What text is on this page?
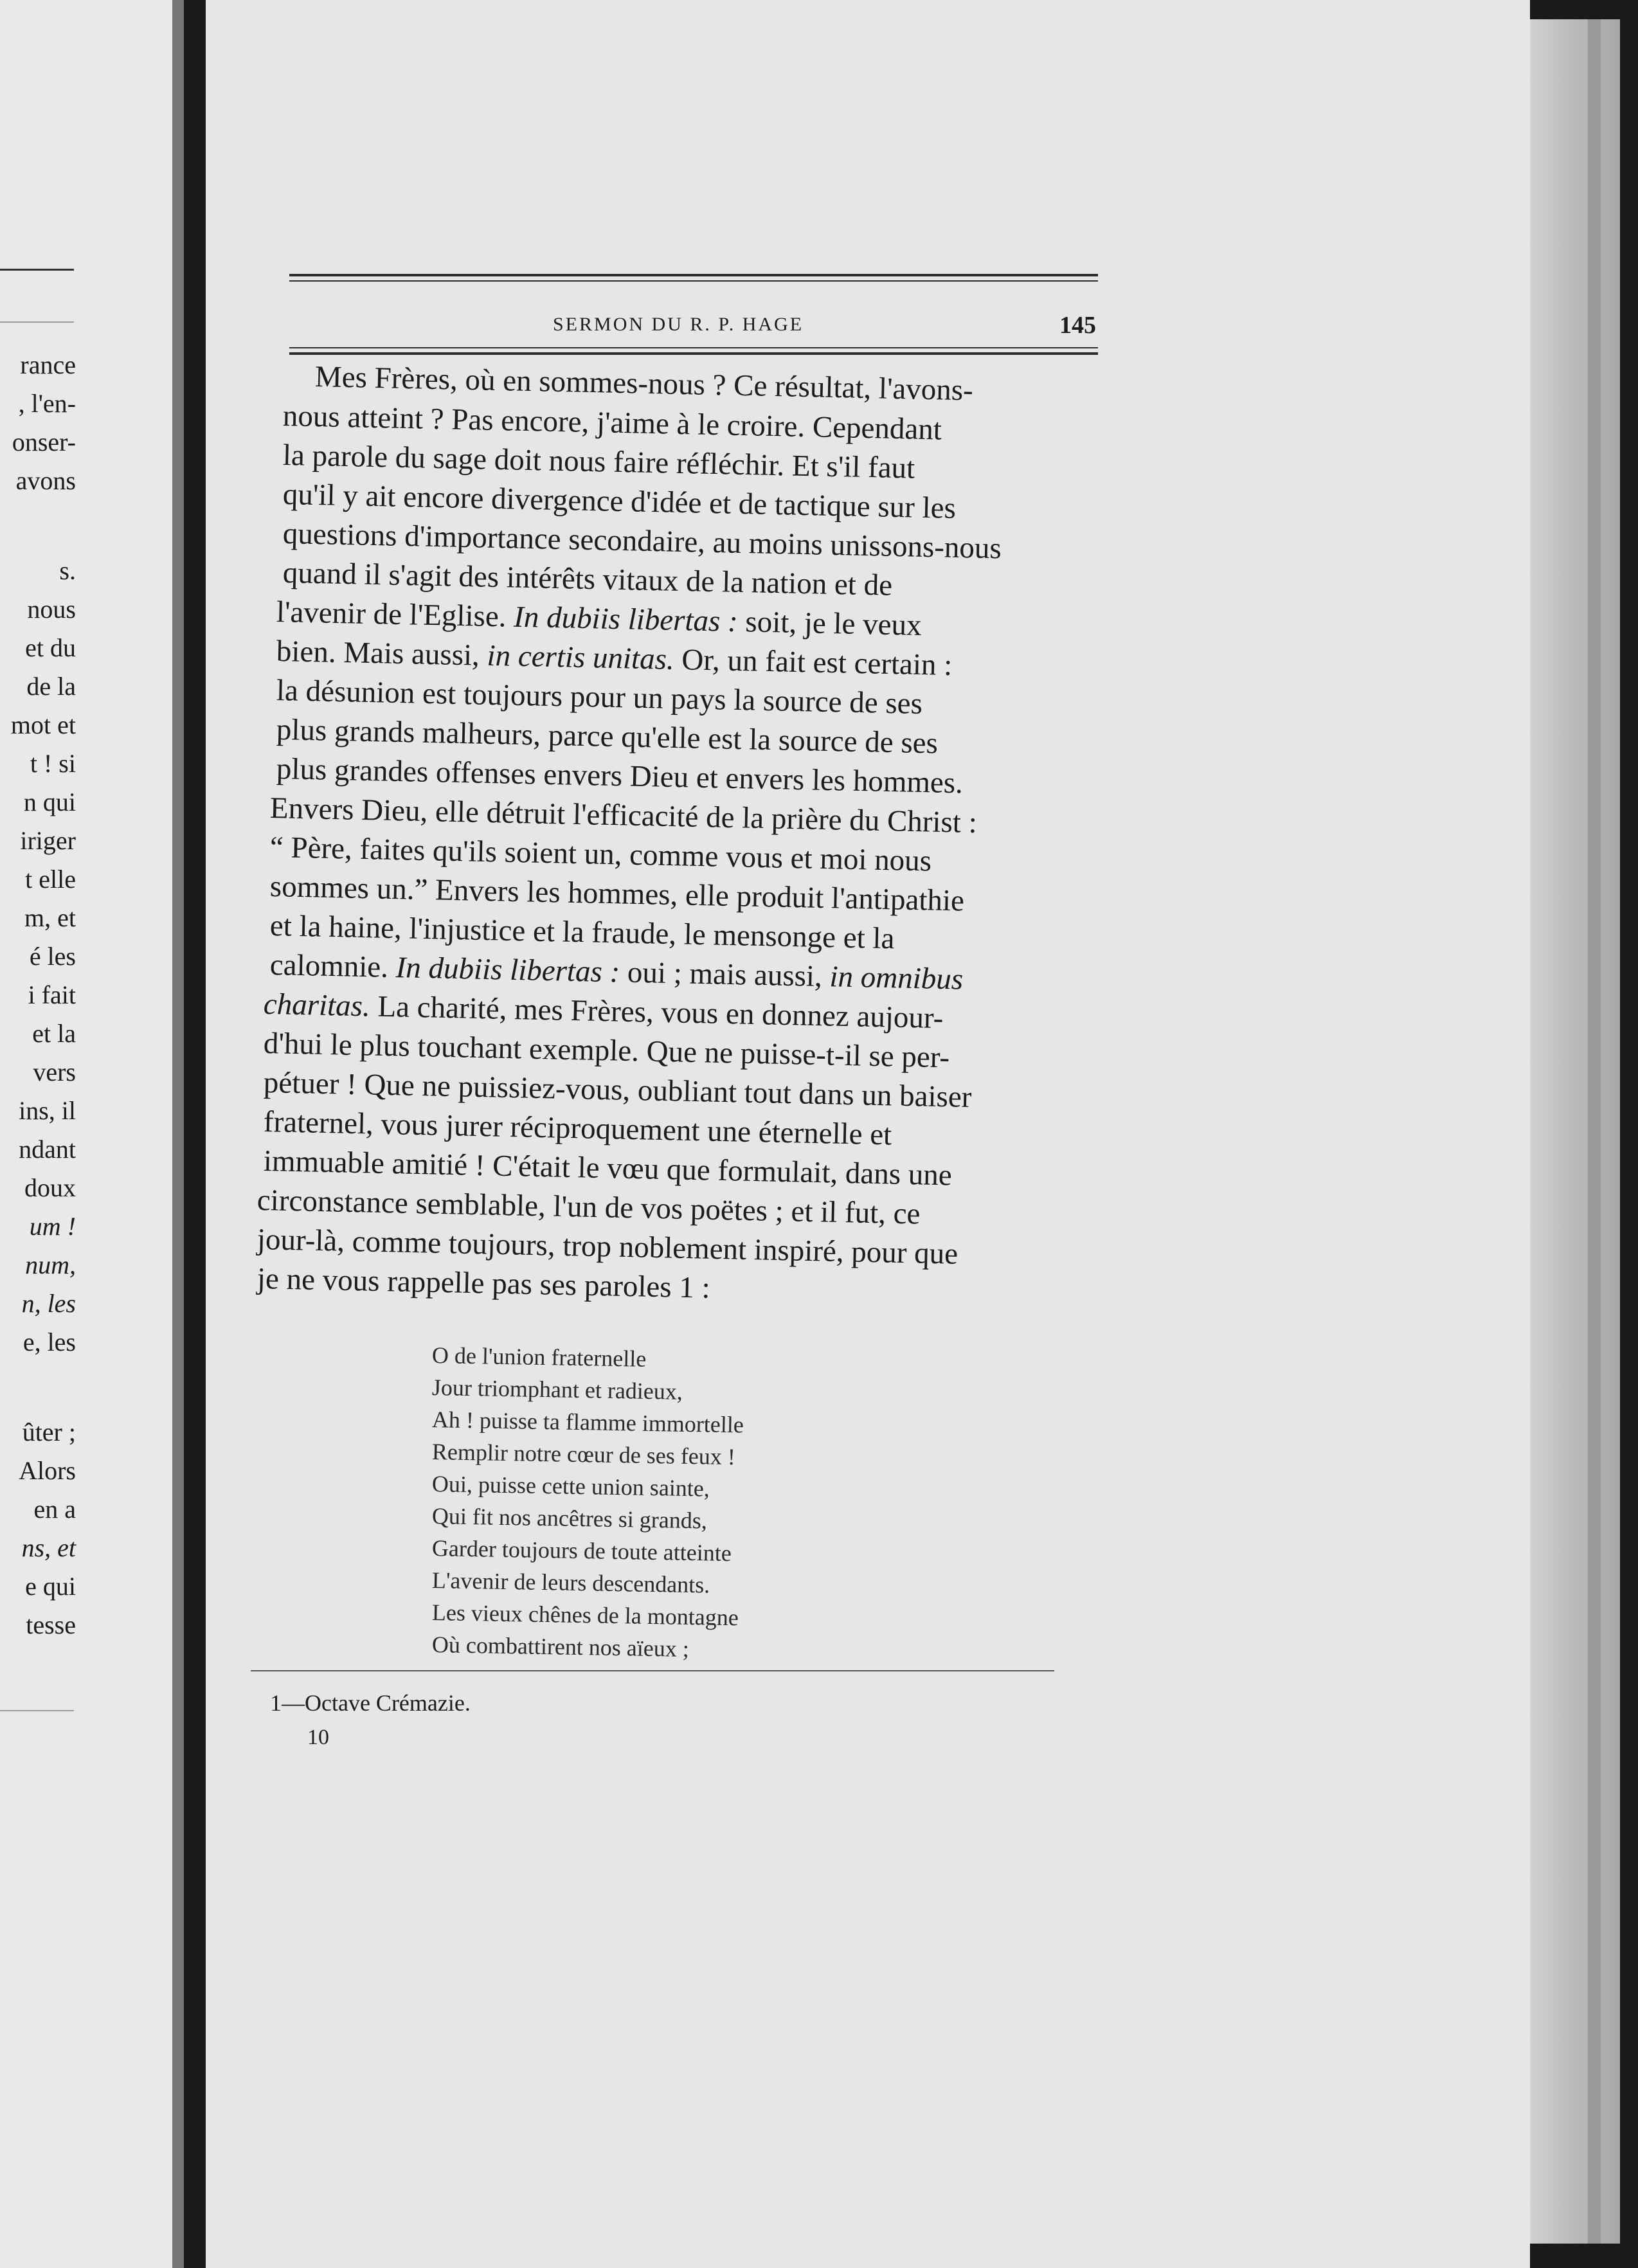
rance
, l'en-
onser-
avons
s.
nous
et du
de la
mot et
t ! si
n qui
iriger
t elle
m, et
é les
i fait
et la
vers
ins, il
ndant
doux
um !
num,
n, les
e, les
ûter ;
Alors
en a
ns, et
e qui
tesse
SERMON DU R. P. HAGE	145
Mes Frères, où en sommes-nous ? Ce résultat, l'avons-
nous atteint ? Pas encore, j'aime à le croire. Cependant
la parole du sage doit nous faire réfléchir. Et s'il faut
qu'il y ait encore divergence d'idée et de tactique sur les
questions d'importance secondaire, au moins unissons-nous
quand il s'agit des intérêts vitaux de la nation et de
l'avenir de l'Eglise. In dubiis libertas : soit, je le veux
bien. Mais aussi, in certis unitas. Or, un fait est certain :
la désunion est toujours pour un pays la source de ses
plus grands malheurs, parce qu'elle est la source de ses
plus grandes offenses envers Dieu et envers les hommes.
Envers Dieu, elle détruit l'efficacité de la prière du Christ :
“ Père, faites qu'ils soient un, comme vous et moi nous
sommes un.” Envers les hommes, elle produit l'antipathie
et la haine, l'injustice et la fraude, le mensonge et la
calomnie. In dubiis libertas : oui ; mais aussi, in omnibus
charitas. La charité, mes Frères, vous en donnez aujour-
d'hui le plus touchant exemple. Que ne puisse-t-il se per-
pétuer ! Que ne puissiez-vous, oubliant tout dans un baiser
fraternel, vous jurer réciproquement une éternelle et
immuable amitié ! C'était le vœu que formulait, dans une
circonstance semblable, l'un de vos poëtes ; et il fut, ce
jour-là, comme toujours, trop noblement inspiré, pour que
je ne vous rappelle pas ses paroles 1 :
O de l'union fraternelle
Jour triomphant et radieux,
Ah ! puisse ta flamme immortelle
Remplir notre cœur de ses feux !
Oui, puisse cette union sainte,
Qui fit nos ancêtres si grands,
Garder toujours de toute atteinte
L'avenir de leurs descendants.
Les vieux chênes de la montagne
Où combattirent nos aïeux ;
1—Octave Crémazie.
10
